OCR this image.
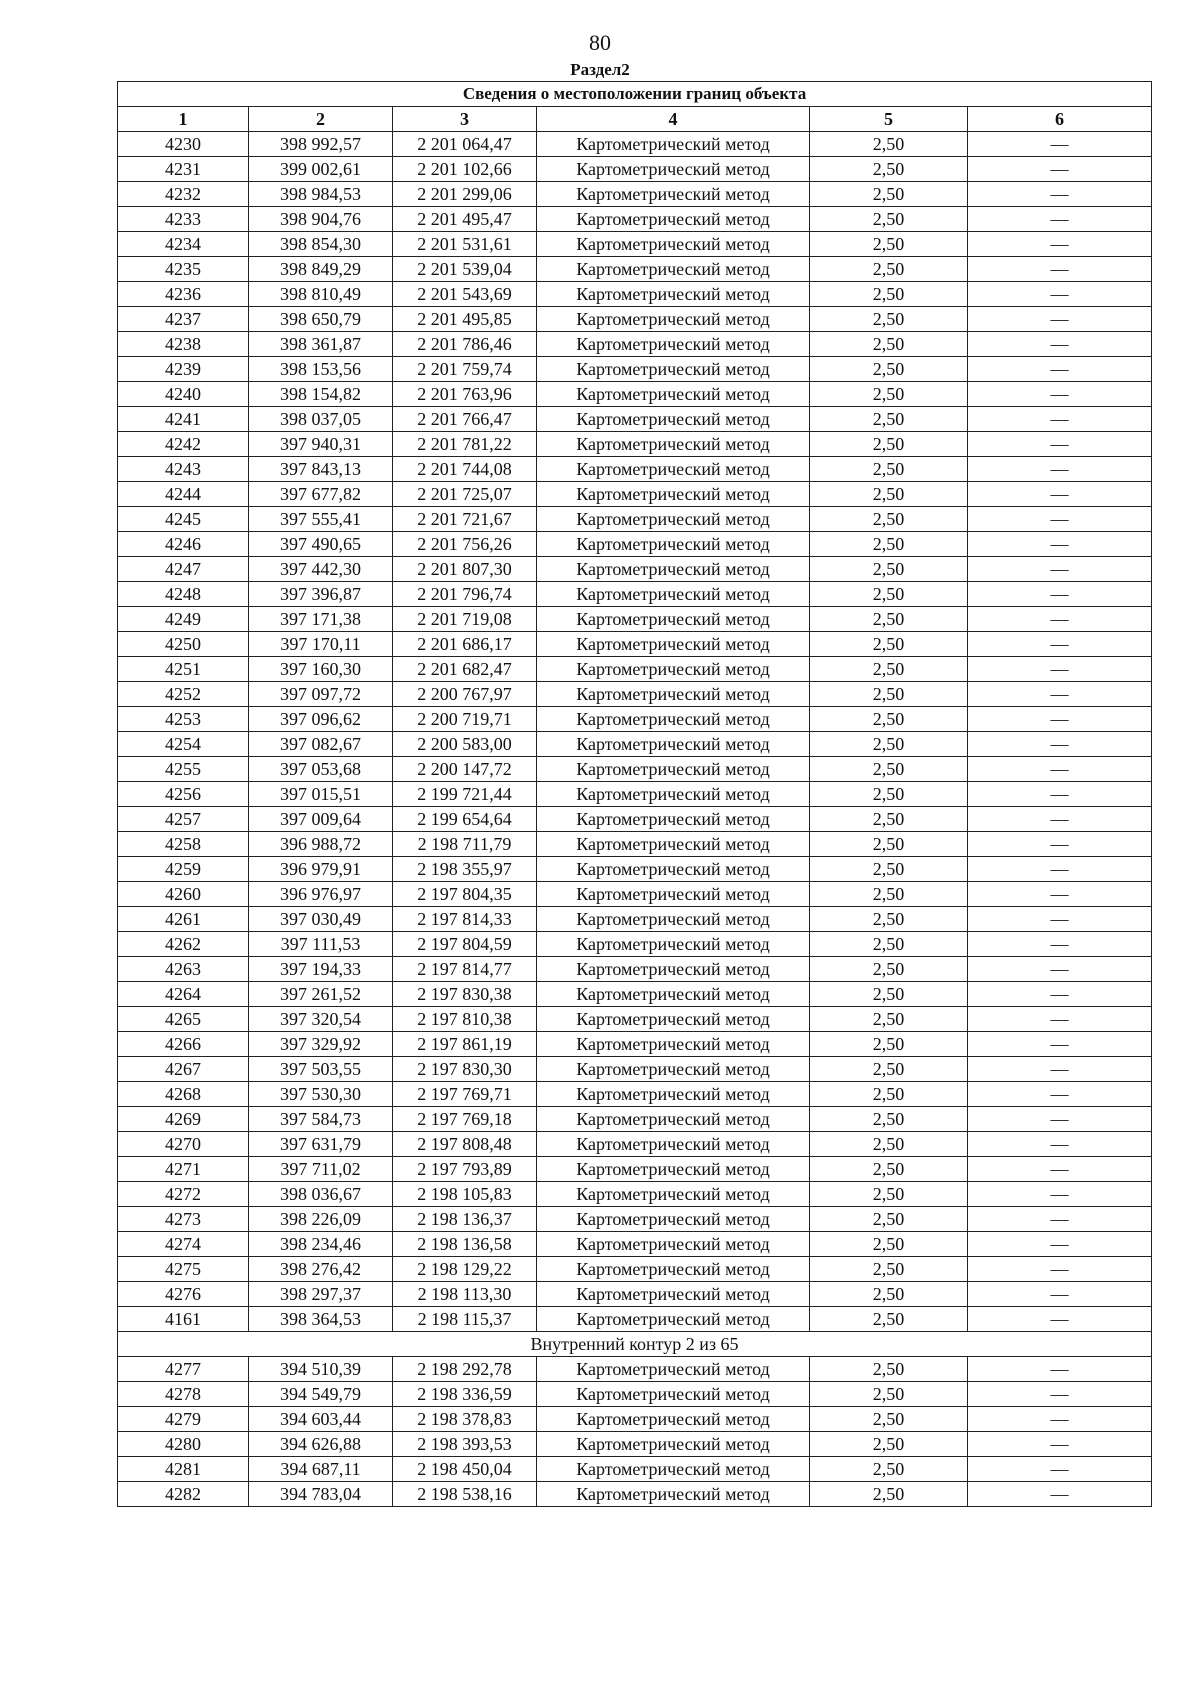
80
Раздел2
Сведения о местоположении границ объекта					
1	2	3	4	5	6
4230	398 992,57	2 201 064,47	Картометрический метод	2,50	—
4231	399 002,61	2 201 102,66	Картометрический метод	2,50	—
4232	398 984,53	2 201 299,06	Картометрический метод	2,50	—
4233	398 904,76	2 201 495,47	Картометрический метод	2,50	—
4234	398 854,30	2 201 531,61	Картометрический метод	2,50	—
4235	398 849,29	2 201 539,04	Картометрический метод	2,50	—
4236	398 810,49	2 201 543,69	Картометрический метод	2,50	—
4237	398 650,79	2 201 495,85	Картометрический метод	2,50	—
4238	398 361,87	2 201 786,46	Картометрический метод	2,50	—
4239	398 153,56	2 201 759,74	Картометрический метод	2,50	—
4240	398 154,82	2 201 763,96	Картометрический метод	2,50	—
4241	398 037,05	2 201 766,47	Картометрический метод	2,50	—
4242	397 940,31	2 201 781,22	Картометрический метод	2,50	—
4243	397 843,13	2 201 744,08	Картометрический метод	2,50	—
4244	397 677,82	2 201 725,07	Картометрический метод	2,50	—
4245	397 555,41	2 201 721,67	Картометрический метод	2,50	—
4246	397 490,65	2 201 756,26	Картометрический метод	2,50	—
4247	397 442,30	2 201 807,30	Картометрический метод	2,50	—
4248	397 396,87	2 201 796,74	Картометрический метод	2,50	—
4249	397 171,38	2 201 719,08	Картометрический метод	2,50	—
4250	397 170,11	2 201 686,17	Картометрический метод	2,50	—
4251	397 160,30	2 201 682,47	Картометрический метод	2,50	—
4252	397 097,72	2 200 767,97	Картометрический метод	2,50	—
4253	397 096,62	2 200 719,71	Картометрический метод	2,50	—
4254	397 082,67	2 200 583,00	Картометрический метод	2,50	—
4255	397 053,68	2 200 147,72	Картометрический метод	2,50	—
4256	397 015,51	2 199 721,44	Картометрический метод	2,50	—
4257	397 009,64	2 199 654,64	Картометрический метод	2,50	—
4258	396 988,72	2 198 711,79	Картометрический метод	2,50	—
4259	396 979,91	2 198 355,97	Картометрический метод	2,50	—
4260	396 976,97	2 197 804,35	Картометрический метод	2,50	—
4261	397 030,49	2 197 814,33	Картометрический метод	2,50	—
4262	397 111,53	2 197 804,59	Картометрический метод	2,50	—
4263	397 194,33	2 197 814,77	Картометрический метод	2,50	—
4264	397 261,52	2 197 830,38	Картометрический метод	2,50	—
4265	397 320,54	2 197 810,38	Картометрический метод	2,50	—
4266	397 329,92	2 197 861,19	Картометрический метод	2,50	—
4267	397 503,55	2 197 830,30	Картометрический метод	2,50	—
4268	397 530,30	2 197 769,71	Картометрический метод	2,50	—
4269	397 584,73	2 197 769,18	Картометрический метод	2,50	—
4270	397 631,79	2 197 808,48	Картометрический метод	2,50	—
4271	397 711,02	2 197 793,89	Картометрический метод	2,50	—
4272	398 036,67	2 198 105,83	Картометрический метод	2,50	—
4273	398 226,09	2 198 136,37	Картометрический метод	2,50	—
4274	398 234,46	2 198 136,58	Картометрический метод	2,50	—
4275	398 276,42	2 198 129,22	Картометрический метод	2,50	—
4276	398 297,37	2 198 113,30	Картометрический метод	2,50	—
4161	398 364,53	2 198 115,37	Картометрический метод	2,50	—
Внутренний контур 2 из 65					
4277	394 510,39	2 198 292,78	Картометрический метод	2,50	—
4278	394 549,79	2 198 336,59	Картометрический метод	2,50	—
4279	394 603,44	2 198 378,83	Картометрический метод	2,50	—
4280	394 626,88	2 198 393,53	Картометрический метод	2,50	—
4281	394 687,11	2 198 450,04	Картометрический метод	2,50	—
4282	394 783,04	2 198 538,16	Картометрический метод	2,50	—
